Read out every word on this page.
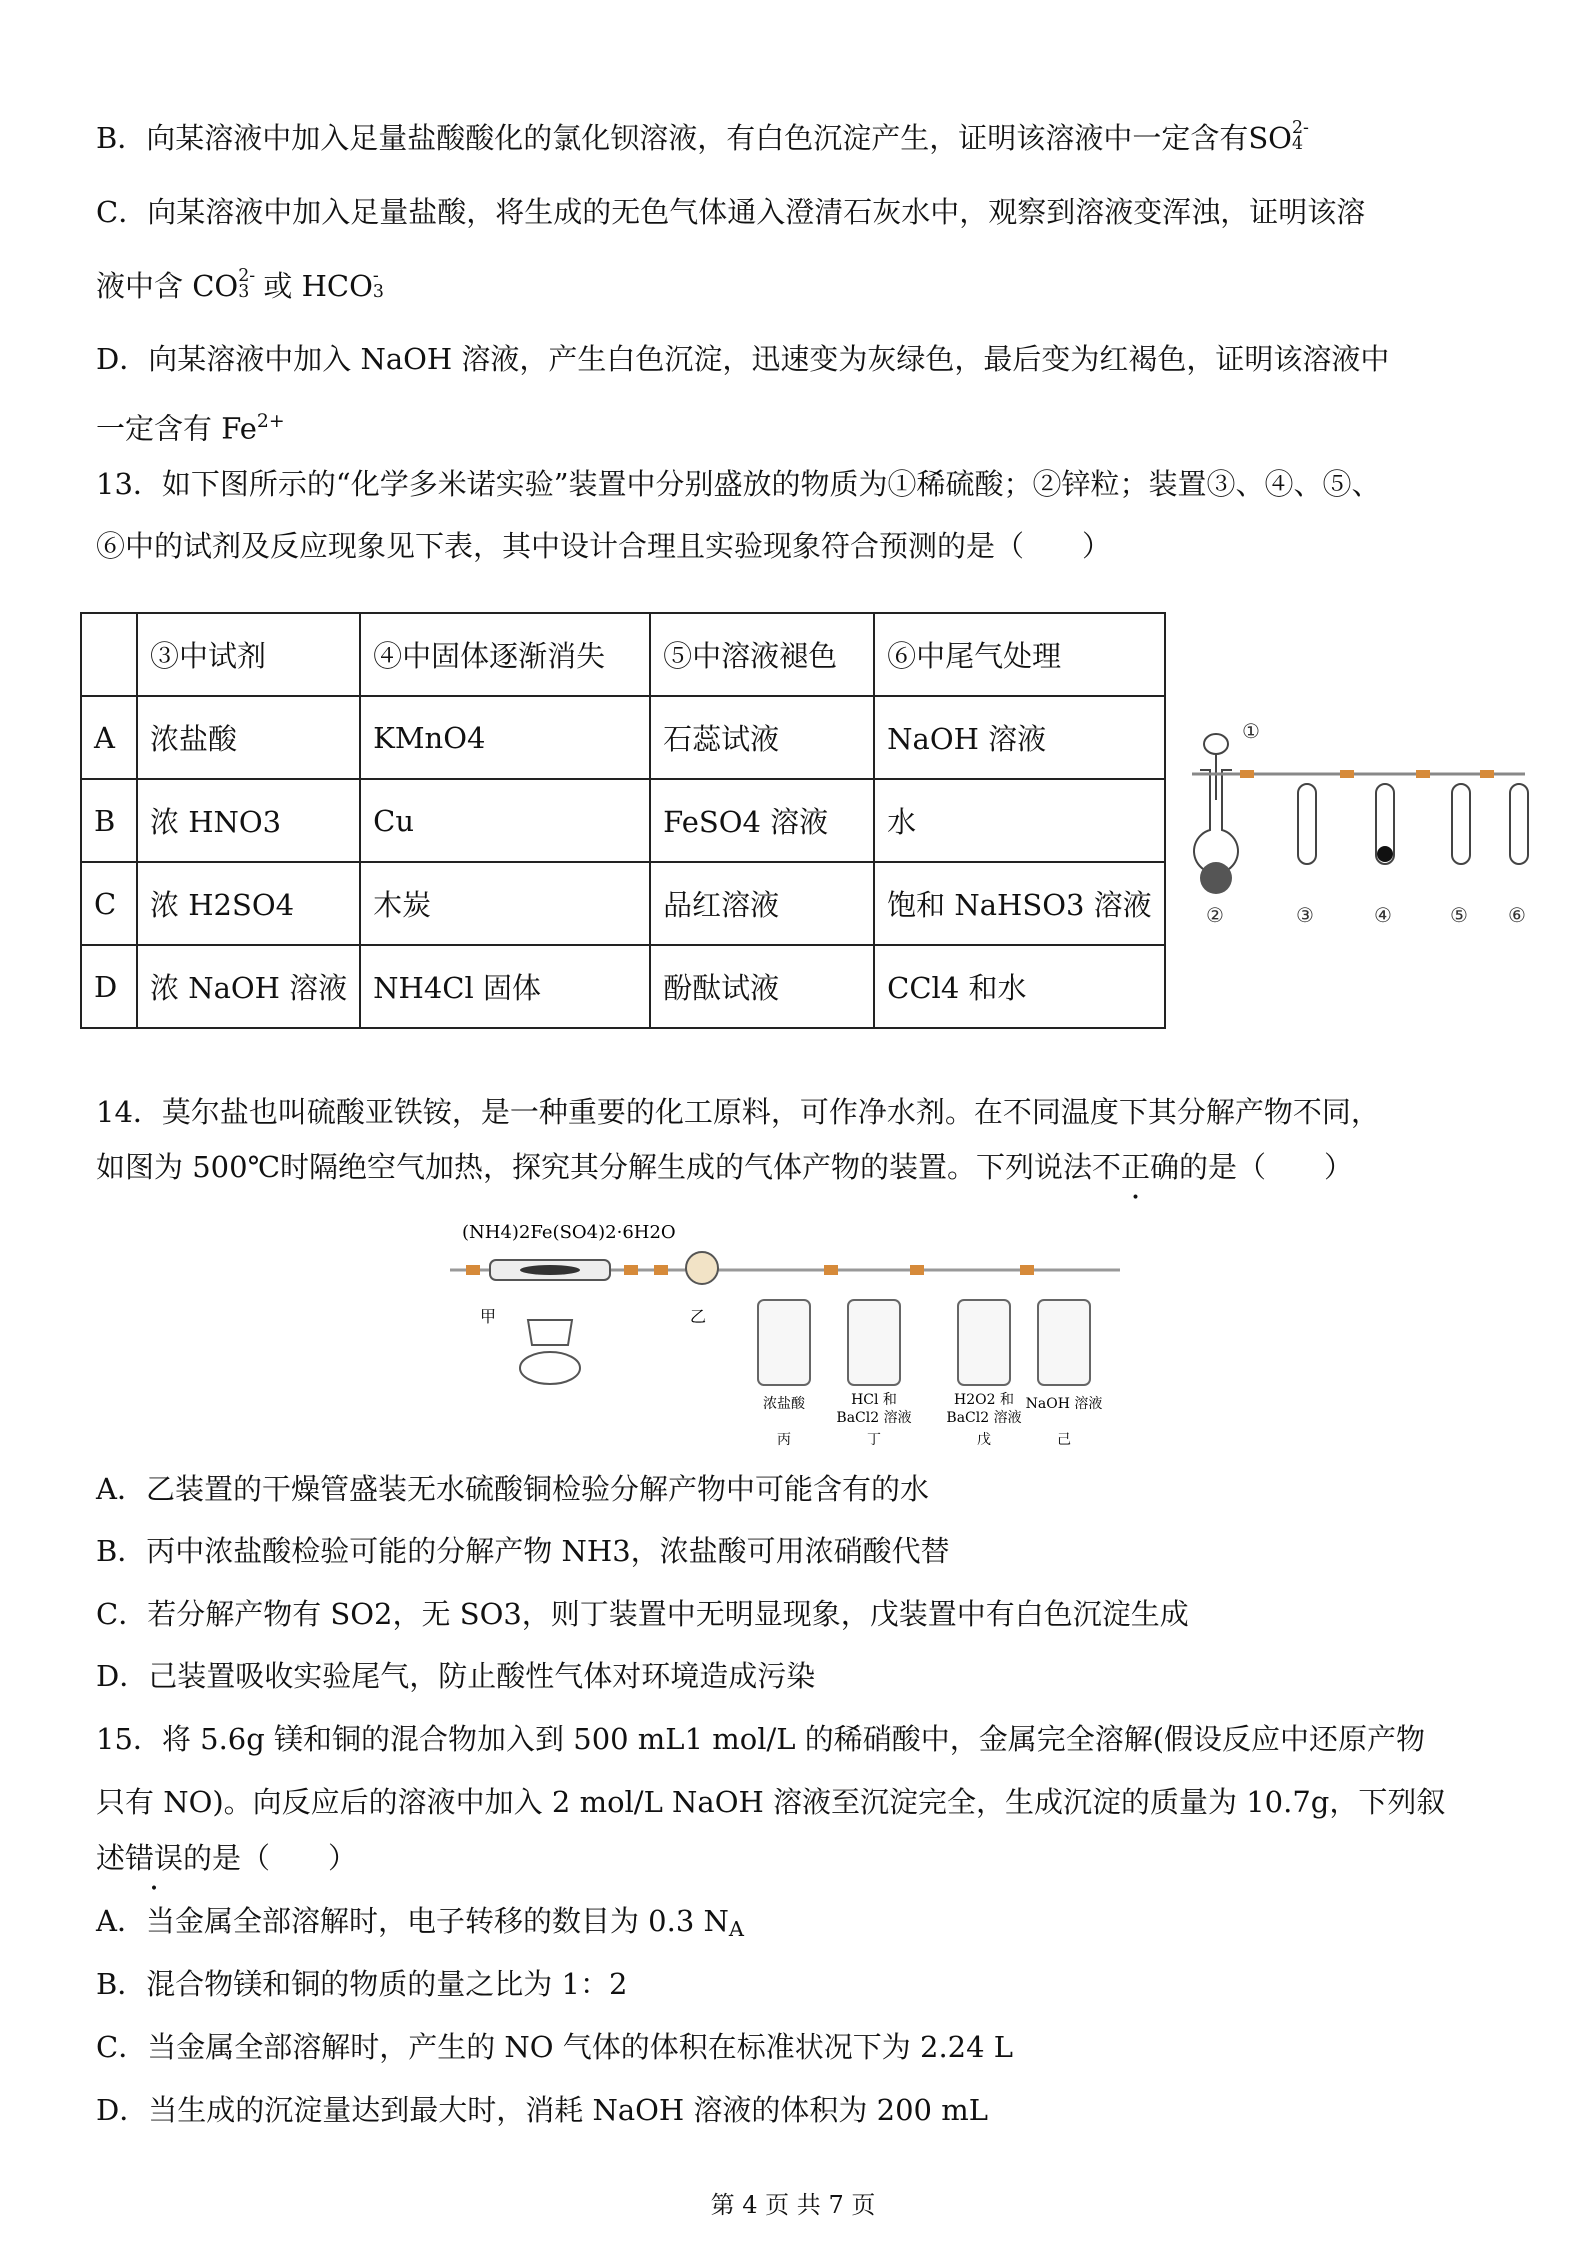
B．向某溶液中加入足量盐酸酸化的氯化钡溶液，有白色沉淀产生，证明该溶液中一定含有SO 2-
4
C．向某溶液中加入足量盐酸，将生成的无色气体通入澄清石灰水中，观察到溶液变浑浊，证明该溶
液中含 CO 2-
3 或 HCO -
3
D．向某溶液中加入 NaOH 溶液，产生白色沉淀，迅速变为灰绿色，最后变为红褐色，证明该溶液中
一定含有 $Fe^{2+}$
13．如下图所示的“化学多米诺实验”装置中分别盛放的物质为①稀硫酸；②锌粒；装置③、④、⑤、
⑥中的试剂及反应现象见下表，其中设计合理且实验现象符合预测的是（　　）
	③中试剂	④中固体逐渐消失	⑤中溶液褪色	⑥中尾气处理
A	浓盐酸	KMnO4	石蕊试液	NaOH 溶液
B	浓 HNO3	Cu	FeSO4 溶液	水
C	浓 H2SO4	木炭	品红溶液	饱和 NaHSO3 溶液
D	浓 NaOH 溶液	NH4Cl 固体	酚酞试液	CCl4 和水
①
②	③	④	⑤ ⑥
14．莫尔盐也叫硫酸亚铁铵，是一种重要的化工原料，可作净水剂。在不同温度下其分解产物不同，
如图为 500℃时隔绝空气加热，探究其分解生成的气体产物的装置。下列说法不正确的是（　　）
(NH4)2Fe(SO4)2·6H2O
甲	乙
浓盐酸
丙
HCl 和
BaCl2 溶液
丁
H2O2 和
BaCl2 溶液
戊
NaOH 溶液
己
A．乙装置的干燥管盛装无水硫酸铜检验分解产物中可能含有的水
B．丙中浓盐酸检验可能的分解产物 NH3，浓盐酸可用浓硝酸代替
C．若分解产物有 SO2，无 SO3，则丁装置中无明显现象，戊装置中有白色沉淀生成
D．己装置吸收实验尾气，防止酸性气体对环境造成污染
15．将 5.6g 镁和铜的混合物加入到 500 mL1 mol/L 的稀硝酸中，金属完全溶解(假设反应中还原产物
只有 NO)。向反应后的溶液中加入 2 mol/L NaOH 溶液至沉淀完全，生成沉淀的质量为 10.7g，下列叙
述错误的是（　　）
A．当金属全部溶解时，电子转移的数目为 0.3 $N_A$
B．混合物镁和铜的物质的量之比为 1：2
C．当金属全部溶解时，产生的 NO 气体的体积在标准状况下为 2.24 L
D．当生成的沉淀量达到最大时，消耗 NaOH 溶液的体积为 200 mL
第 4 页 共 7 页
